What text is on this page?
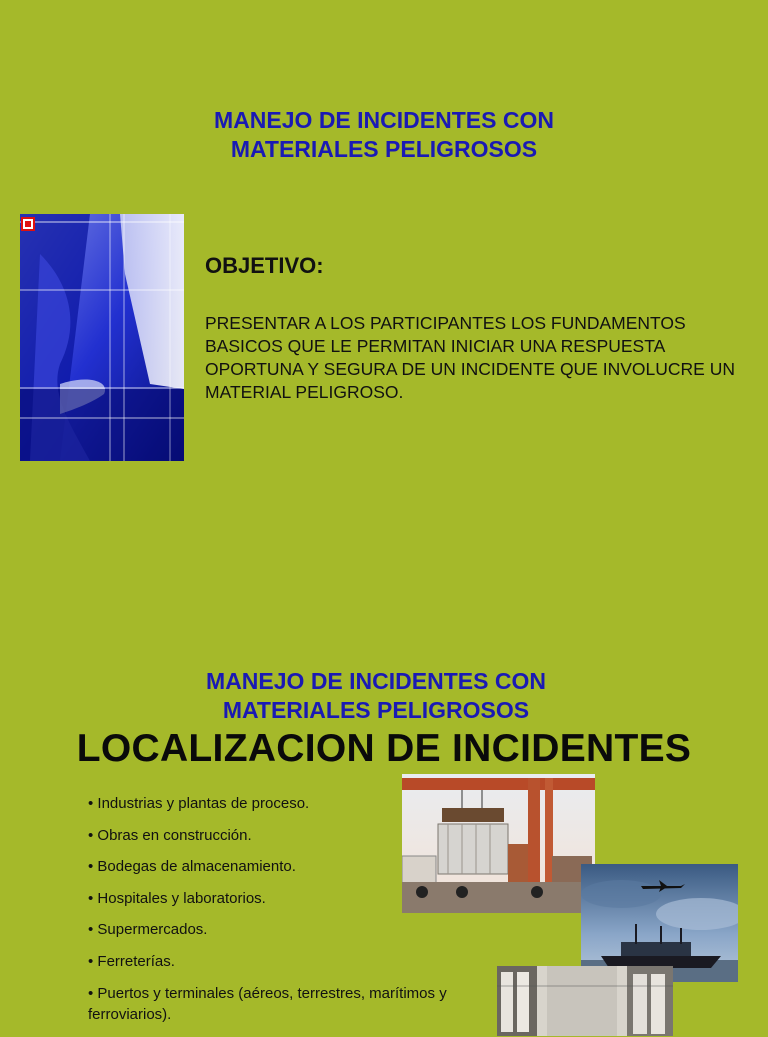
MANEJO DE INCIDENTES CON
MATERIALES PELIGROSOS
OBJETIVO:
PRESENTAR A LOS PARTICIPANTES LOS FUNDAMENTOS BASICOS QUE LE PERMITAN INICIAR UNA RESPUESTA OPORTUNA Y SEGURA DE UN INCIDENTE QUE INVOLUCRE UN MATERIAL PELIGROSO.
MANEJO DE INCIDENTES CON
MATERIALES PELIGROSOS
LOCALIZACION DE INCIDENTES
• Industrias y plantas de proceso.
• Obras en construcción.
• Bodegas de almacenamiento.
• Hospitales y laboratorios.
• Supermercados.
• Ferreterías.
• Puertos y terminales (aéreos, terrestres, marítimos y ferroviarios).
